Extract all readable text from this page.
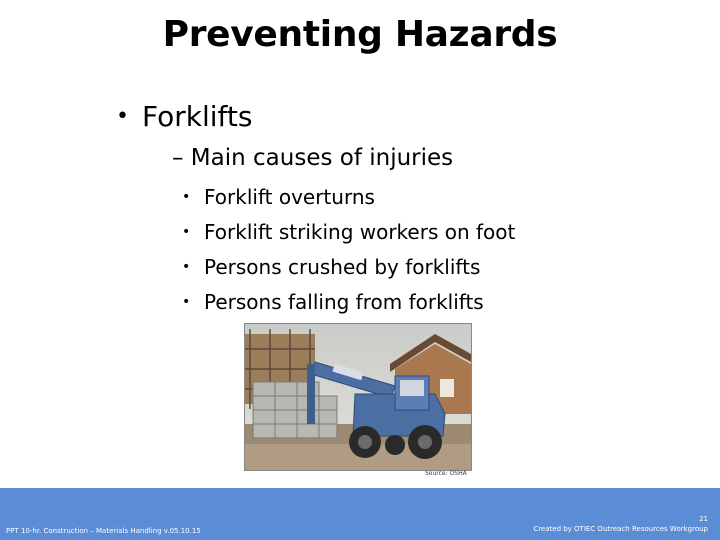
Preventing Hazards
• Forklifts
– Main causes of injuries
• Forklift overturns
• Forklift striking workers on foot
• Persons crushed by forklifts
• Persons falling from forklifts
Source: OSHA
PPT 10-hr. Construction – Materials Handling v.05.10.15
21
Created by OTIEC Outreach Resources Workgroup
